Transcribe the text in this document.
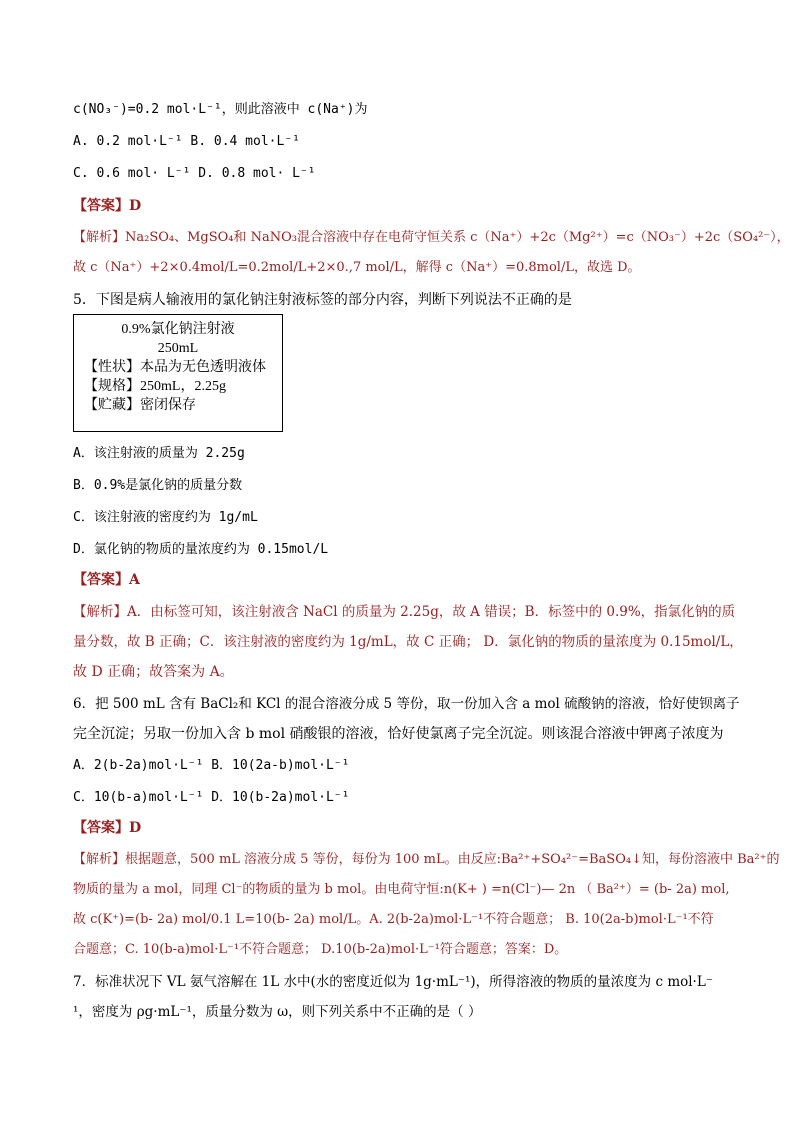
c(NO₃⁻)=0.2 mol·L⁻¹，则此溶液中 c(Na⁺)为
A. 0.2 mol·L⁻¹ B. 0.4 mol·L⁻¹
C. 0.6 mol· L⁻¹ D. 0.8 mol· L⁻¹
【答案】D
【解析】Na₂SO₄、MgSO₄和 NaNO₃混合溶液中存在电荷守恒关系 c（Na⁺）+2c（Mg²⁺）=c（NO₃⁻）+2c（SO₄²⁻），
故 c（Na⁺）+2×0.4mol/L=0.2mol/L+2×0.,7 mol/L，解得 c（Na⁺）=0.8mol/L，故选 D。
5．下图是病人输液用的氯化钠注射液标签的部分内容，判断下列说法不正确的是
0.9%氯化钠注射液
250mL
【性状】本品为无色透明液体
【规格】250mL，2.25g
【贮藏】密闭保存
A．该注射液的质量为 2.25g
B．0.9%是氯化钠的质量分数
C．该注射液的密度约为 1g/mL
D．氯化钠的物质的量浓度约为 0.15mol/L
【答案】A
【解析】A．由标签可知，该注射液含 NaCl 的质量为 2.25g，故 A 错误；B．标签中的 0.9%，指氯化钠的质
量分数，故 B 正确；C．该注射液的密度约为 1g/mL，故 C 正确； D．氯化钠的物质的量浓度为 0.15mol/L，
故 D 正确；故答案为 A。
6．把 500 mL 含有 BaCl₂和 KCl 的混合溶液分成 5 等份，取一份加入含 a mol 硫酸钠的溶液，恰好使钡离子
完全沉淀；另取一份加入含 b mol 硝酸银的溶液，恰好使氯离子完全沉淀。则该混合溶液中钾离子浓度为
A．2(b-2a)mol·L⁻¹ B．10(2a-b)mol·L⁻¹
C．10(b-a)mol·L⁻¹ D．10(b-2a)mol·L⁻¹
【答案】D
【解析】根据题意，500 mL 溶液分成 5 等份，每份为 100 mL。由反应:Ba²⁺+SO₄²⁻=BaSO₄↓知，每份溶液中 Ba²⁺的
物质的量为 a mol，同理 Cl⁻的物质的量为 b mol。由电荷守恒:n(K+ ) =n(Cl⁻)— 2n （ Ba²⁺）= (b- 2a) mol,
故 c(K⁺)=(b- 2a) mol/0.1 L=10(b- 2a) mol/L。A. 2(b-2a)mol·L⁻¹不符合题意； B. 10(2a-b)mol·L⁻¹不符
合题意；C. 10(b-a)mol·L⁻¹不符合题意； D.10(b-2a)mol·L⁻¹符合题意；答案：D。
7．标准状况下 VL 氨气溶解在 1L 水中(水的密度近似为 1g·mL⁻¹)，所得溶液的物质的量浓度为 c mol·L⁻
¹，密度为 ρg·mL⁻¹，质量分数为 ω，则下列关系中不正确的是（ ）
